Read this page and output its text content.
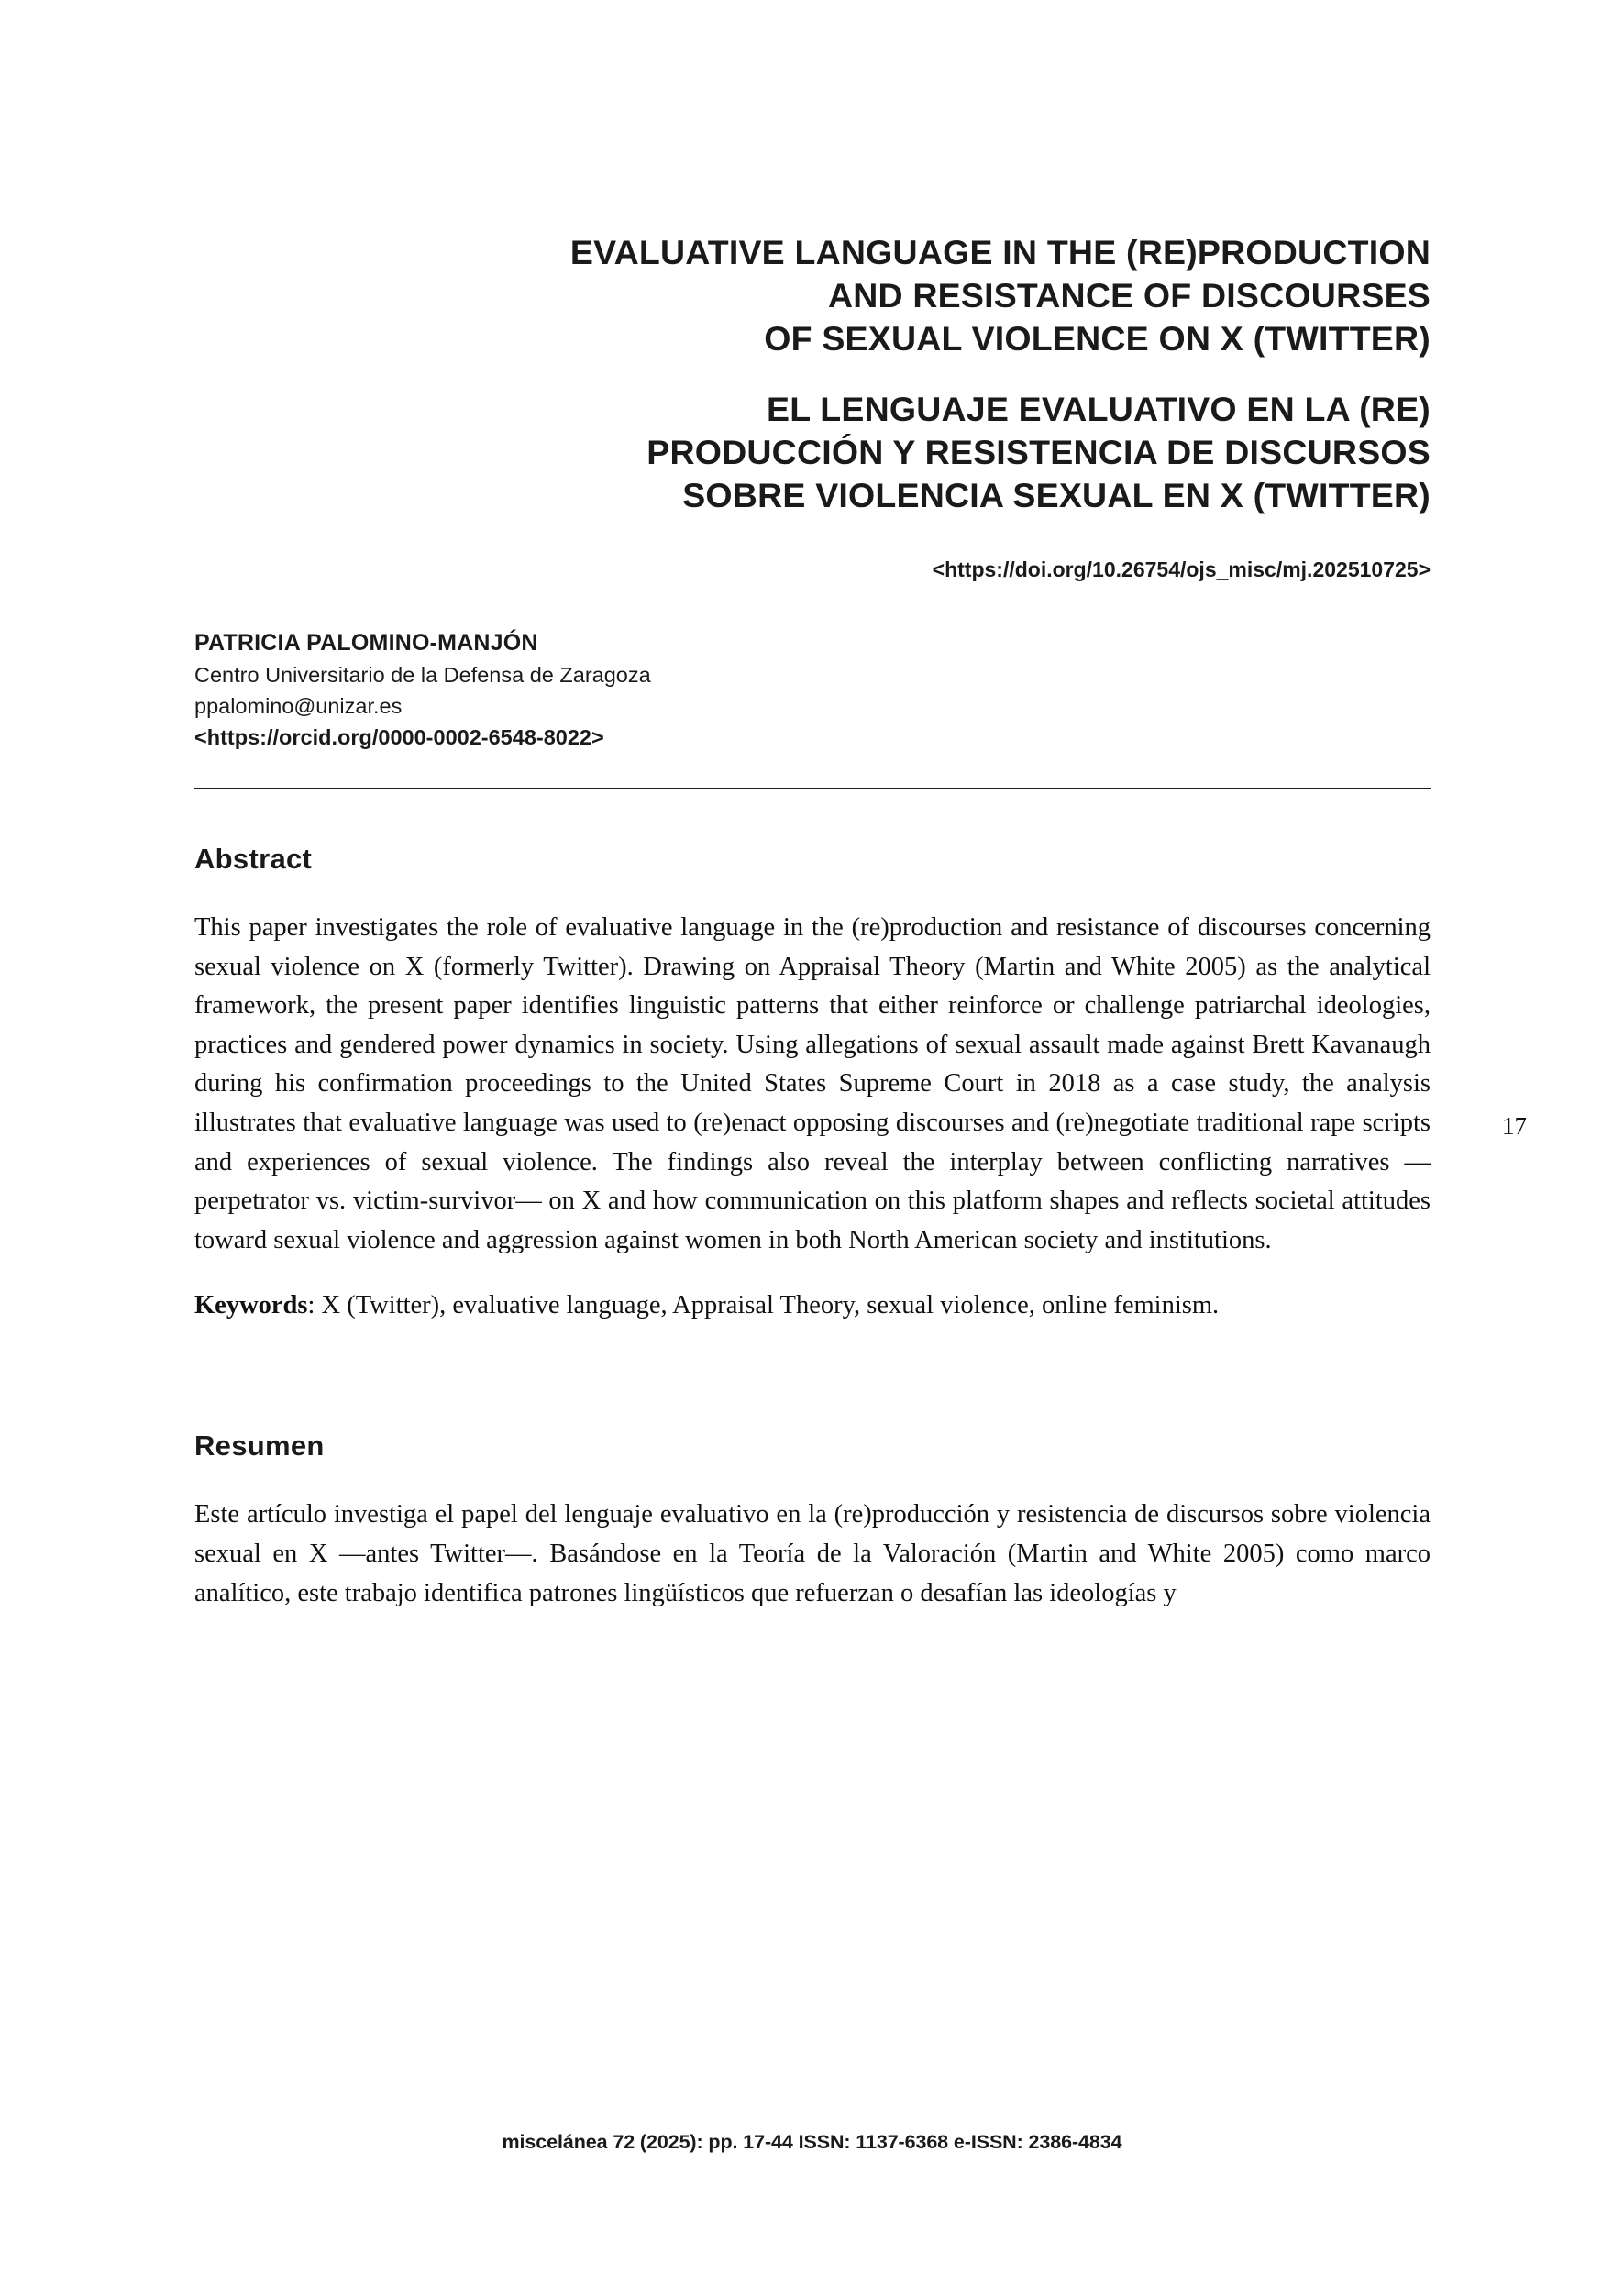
EVALUATIVE LANGUAGE IN THE (RE)PRODUCTION
AND RESISTANCE OF DISCOURSES
OF SEXUAL VIOLENCE ON X (TWITTER)
EL LENGUAJE EVALUATIVO EN LA (RE)
PRODUCCIÓN Y RESISTENCIA DE DISCURSOS
SOBRE VIOLENCIA SEXUAL EN X (TWITTER)
<https://doi.org/10.26754/ojs_misc/mj.202510725>
PATRICIA PALOMINO-MANJÓN
Centro Universitario de la Defensa de Zaragoza
ppalomino@unizar.es
<https://orcid.org/0000-0002-6548-8022>
Abstract

This paper investigates the role of evaluative language in the (re)production and resistance of discourses concerning sexual violence on X (formerly Twitter). Drawing on Appraisal Theory (Martin and White 2005) as the analytical framework, the present paper identifies linguistic patterns that either reinforce or challenge patriarchal ideologies, practices and gendered power dynamics in society. Using allegations of sexual assault made against Brett Kavanaugh during his confirmation proceedings to the United States Supreme Court in 2018 as a case study, the analysis illustrates that evaluative language was used to (re)enact opposing discourses and (re)negotiate traditional rape scripts and experiences of sexual violence. The findings also reveal the interplay between conflicting narratives —perpetrator vs. victim-survivor— on X and how communication on this platform shapes and reflects societal attitudes toward sexual violence and aggression against women in both North American society and institutions.

Keywords: X (Twitter), evaluative language, Appraisal Theory, sexual violence, online feminism.

Resumen

Este artículo investiga el papel del lenguaje evaluativo en la (re)producción y resistencia de discursos sobre violencia sexual en X —antes Twitter—. Basándose en la Teoría de la Valoración (Martin and White 2005) como marco analítico, este trabajo identifica patrones lingüísticos que refuerzan o desafían las ideologías y

17
miscelánea 72 (2025): pp. 17-44 ISSN: 1137-6368 e-ISSN: 2386-4834
